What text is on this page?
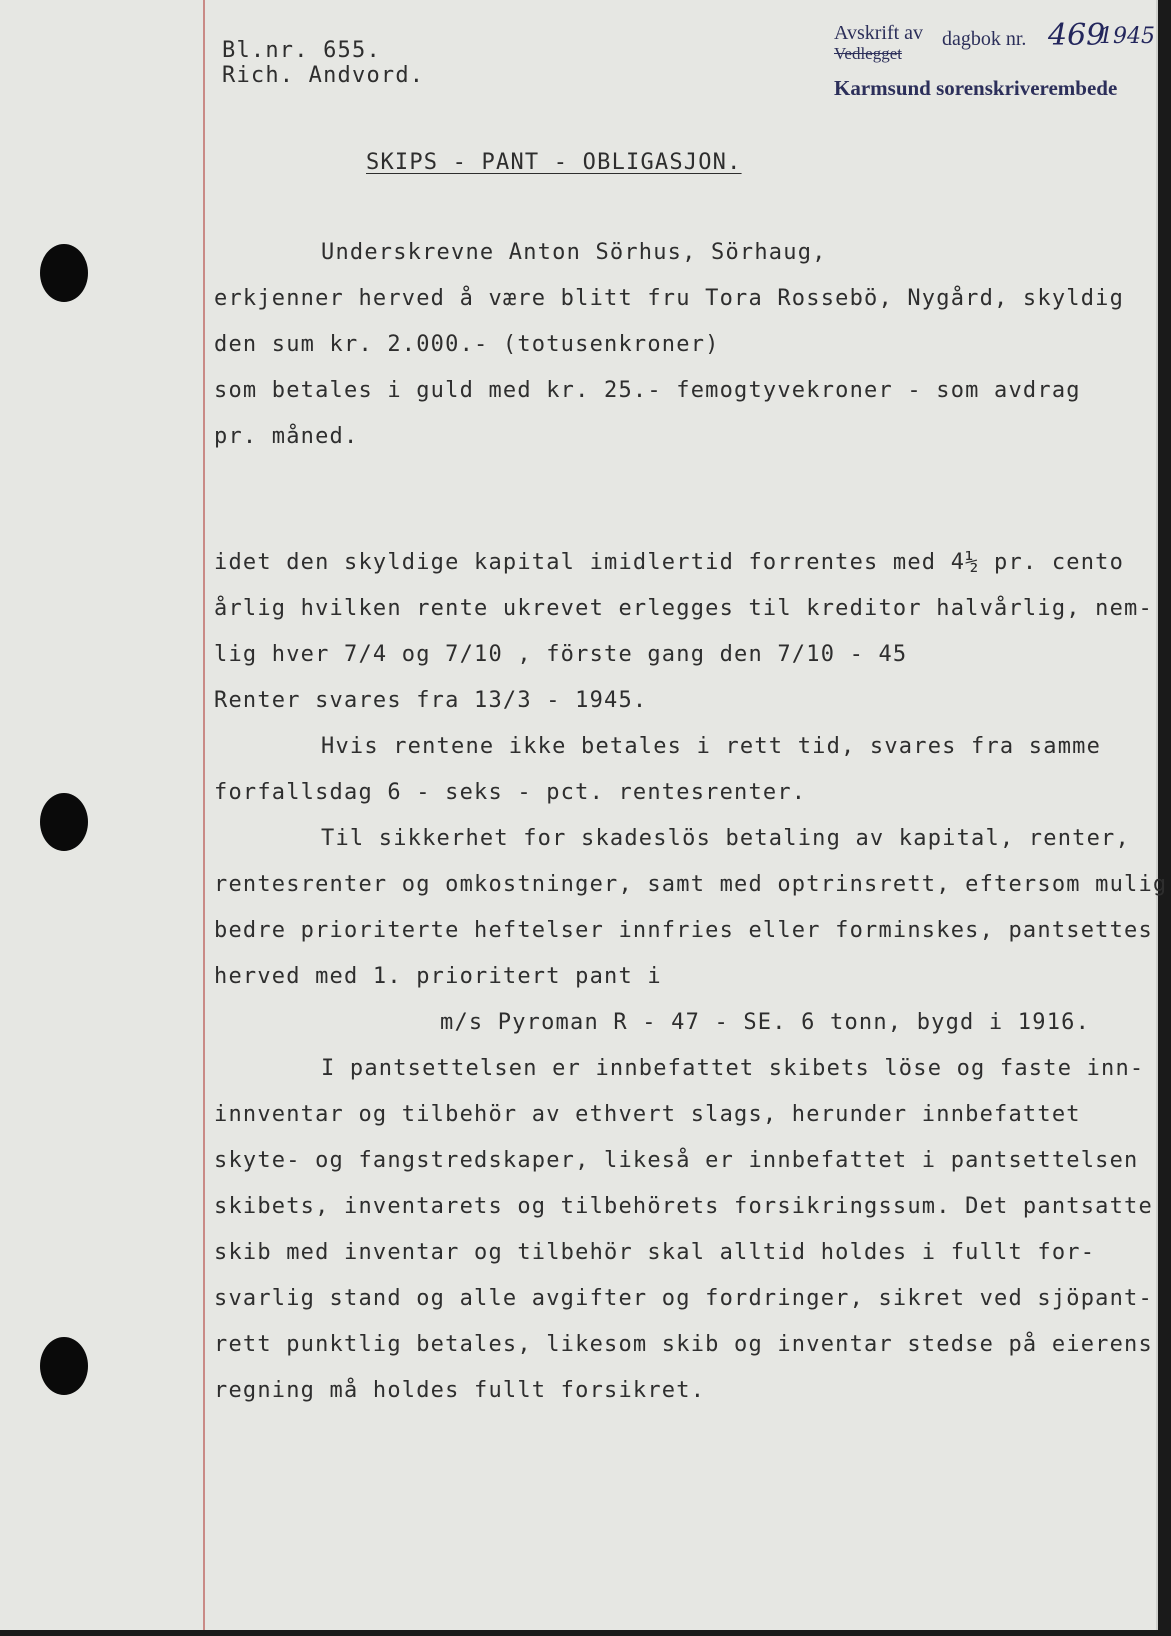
Bl.nr. 655.
Rich. Andvord.
Avskrift av
Vedlegget
dagbok nr. 469
1945
Karmsund sorenskriverembede
SKIPS - PANT - OBLIGASJON.
Underskrevne Anton Sörhus, Sörhaug,
erkjenner herved å være blitt fru Tora Rossebö, Nygård, skyldig
den sum kr. 2.000.- (totusenkroner)
som betales i guld med kr. 25.- femogtyvekroner - som avdrag
pr. måned.
idet den skyldige kapital imidlertid forrentes med 4½ pr. cento
årlig hvilken rente ukrevet erlegges til kreditor halvårlig, nem-
lig hver 7/4 og 7/10 , förste gang den 7/10 - 45
Renter svares fra 13/3 - 1945.
Hvis rentene ikke betales i rett tid, svares fra samme
forfallsdag 6 - seks - pct. rentesrenter.
Til sikkerhet for skadeslös betaling av kapital, renter,
rentesrenter og omkostninger, samt med optrinsrett, eftersom mulig
bedre prioriterte heftelser innfries eller forminskes, pantsettes
herved med 1. prioritert pant i
m/s Pyroman R - 47 - SE. 6 tonn, bygd i 1916.
I pantsettelsen er innbefattet skibets löse og faste inn-
innventar og tilbehör av ethvert slags, herunder innbefattet
skyte- og fangstredskaper, likeså er innbefattet i pantsettelsen
skibets, inventarets og tilbehörets forsikringssum. Det pantsatte
skib med inventar og tilbehör skal alltid holdes i fullt for-
svarlig stand og alle avgifter og fordringer, sikret ved sjöpant-
rett punktlig betales, likesom skib og inventar stedse på eierens
regning må holdes fullt forsikret.
